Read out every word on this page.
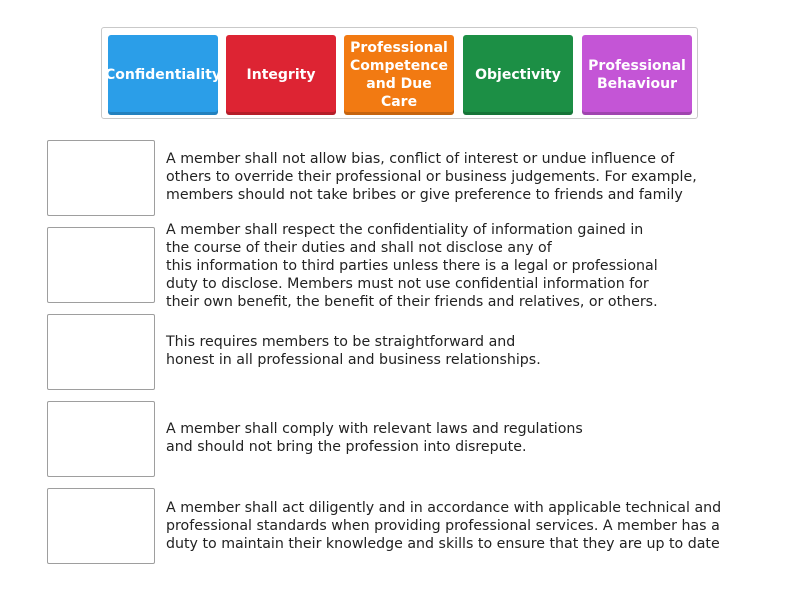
Confidentiality Integrity
Professional Competence and Due Care
Objectivity
Professional Behaviour
A member shall not allow bias, conflict of interest or undue influence of
others to override their professional or business judgements. For example,
members should not take bribes or give preference to friends and family
A member shall respect the confidentiality of information gained in
the course of their duties and shall not disclose any of
this information to third parties unless there is a legal or professional
duty to disclose. Members must not use confidential information for
their own benefit, the benefit of their friends and relatives, or others.
This requires members to be straightforward and
honest in all professional and business relationships.
A member shall comply with relevant laws and regulations
and should not bring the profession into disrepute.
A member shall act diligently and in accordance with applicable technical and
professional standards when providing professional services. A member has a
duty to maintain their knowledge and skills to ensure that they are up to date
